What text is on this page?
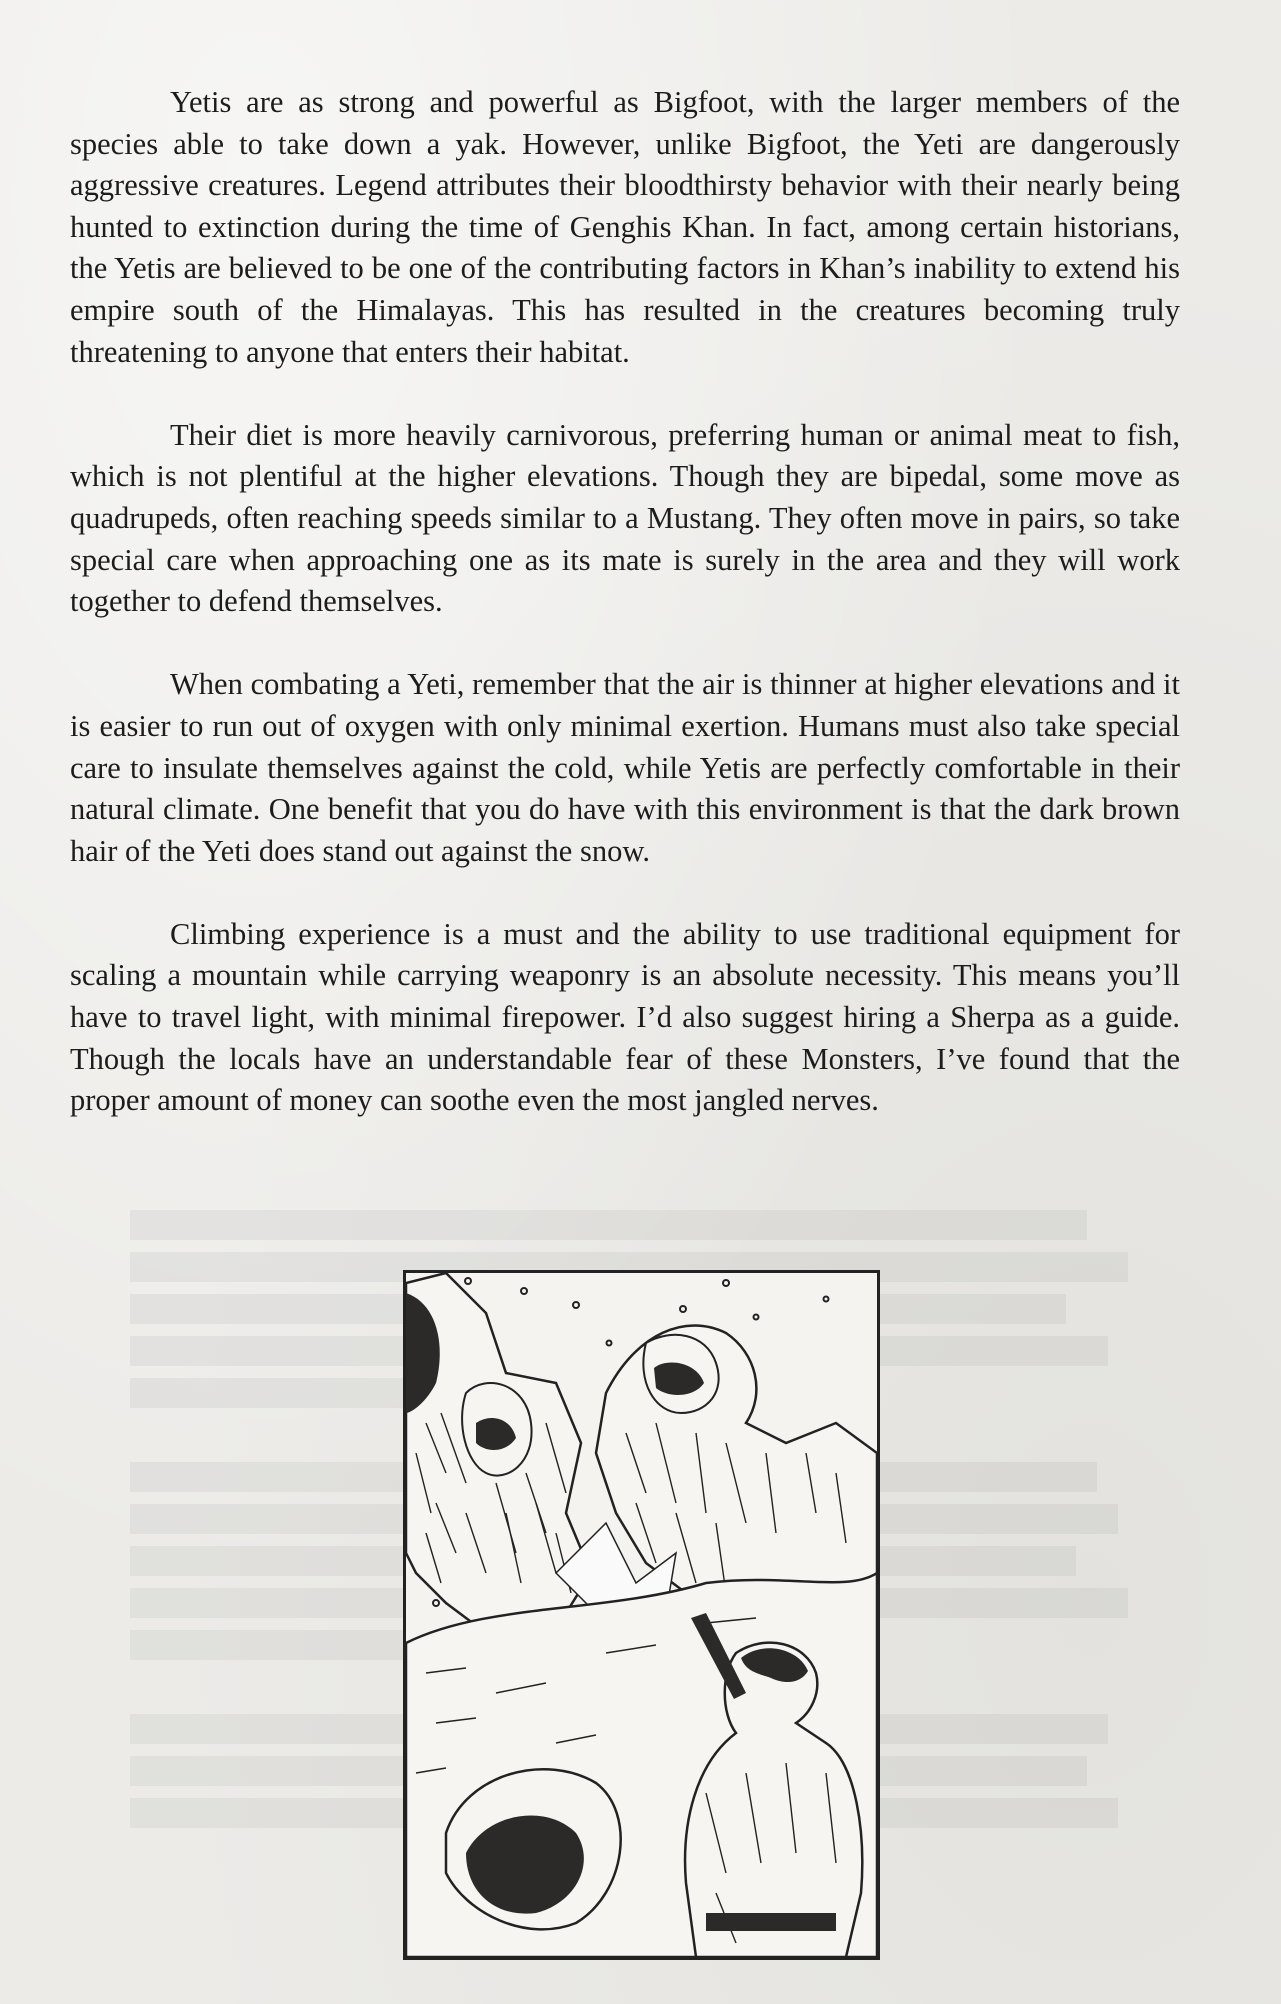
Yetis are as strong and powerful as Bigfoot, with the larger members of the species able to take down a yak. However, unlike Bigfoot, the Yeti are dangerously aggressive creatures. Legend attributes their bloodthirsty behavior with their nearly being hunted to extinction during the time of Genghis Khan. In fact, among certain historians, the Yetis are believed to be one of the contributing factors in Khan’s inability to extend his empire south of the Himalayas. This has resulted in the creatures becoming truly threatening to anyone that enters their habitat.

Their diet is more heavily carnivorous, preferring human or animal meat to fish, which is not plentiful at the higher elevations. Though they are bipedal, some move as quadrupeds, often reaching speeds similar to a Mustang. They often move in pairs, so take special care when approaching one as its mate is surely in the area and they will work together to defend themselves.

When combating a Yeti, remember that the air is thinner at higher elevations and it is easier to run out of oxygen with only minimal exertion. Humans must also take special care to insulate themselves against the cold, while Yetis are perfectly comfortable in their natural climate. One benefit that you do have with this environment is that the dark brown hair of the Yeti does stand out against the snow.

Climbing experience is a must and the ability to use traditional equipment for scaling a mountain while carrying weaponry is an absolute necessity. This means you’ll have to travel light, with minimal firepower. I’d also suggest hiring a Sherpa as a guide. Though the locals have an understandable fear of these Monsters, I’ve found that the proper amount of money can soothe even the most jangled nerves.
